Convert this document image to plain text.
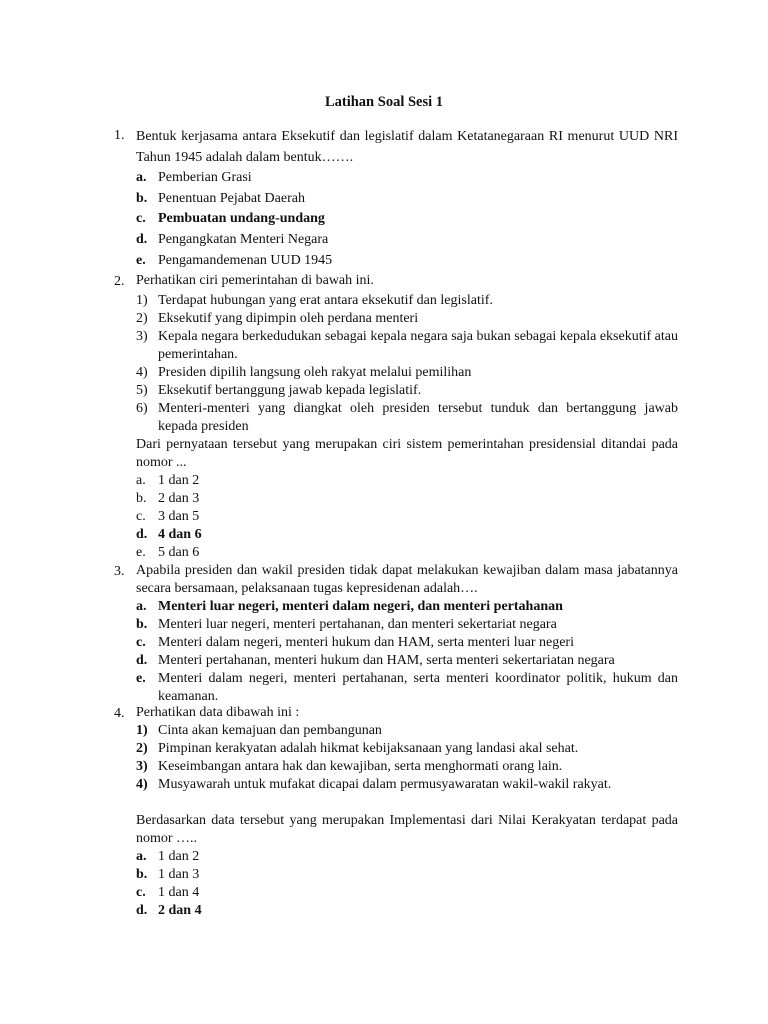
Latihan Soal Sesi 1
1. Bentuk kerjasama antara Eksekutif dan legislatif dalam Ketatanegaraan RI menurut UUD NRI Tahun 1945 adalah dalam bentuk…….
a. Pemberian Grasi
b. Penentuan Pejabat Daerah
c. Pembuatan undang-undang
d. Pengangkatan Menteri Negara
e. Pengamandemenan UUD 1945
2. Perhatikan ciri pemerintahan di bawah ini.
1) Terdapat hubungan yang erat antara eksekutif dan legislatif.
2) Eksekutif yang dipimpin oleh perdana menteri
3) Kepala negara berkedudukan sebagai kepala negara saja bukan sebagai kepala eksekutif atau pemerintahan.
4) Presiden dipilih langsung oleh rakyat melalui pemilihan
5) Eksekutif bertanggung jawab kepada legislatif.
6) Menteri-menteri yang diangkat oleh presiden tersebut tunduk dan bertanggung jawab kepada presiden
Dari pernyataan tersebut yang merupakan ciri sistem pemerintahan presidensial ditandai pada nomor ...
a. 1 dan 2
b. 2 dan 3
c. 3 dan 5
d. 4 dan 6
e. 5 dan 6
3. Apabila presiden dan wakil presiden tidak dapat melakukan kewajiban dalam masa jabatannya secara bersamaan, pelaksanaan tugas kepresidenan adalah….
a. Menteri luar negeri, menteri dalam negeri, dan menteri pertahanan
b. Menteri luar negeri, menteri pertahanan, dan menteri sekertariat negara
c. Menteri dalam negeri, menteri hukum dan HAM, serta menteri luar negeri
d. Menteri pertahanan, menteri hukum dan HAM, serta menteri sekertariatan negara
e. Menteri dalam negeri, menteri pertahanan, serta menteri koordinator politik, hukum dan keamanan.
4. Perhatikan data dibawah ini :
1) Cinta akan kemajuan dan pembangunan
2) Pimpinan kerakyatan adalah hikmat kebijaksanaan yang landasi akal sehat.
3) Keseimbangan antara hak dan kewajiban, serta menghormati orang lain.
4) Musyawarah untuk mufakat dicapai dalam permusyawaratan wakil-wakil rakyat.
Berdasarkan data tersebut yang merupakan Implementasi dari Nilai Kerakyatan terdapat pada nomor …..
a. 1 dan 2
b. 1 dan 3
c. 1 dan 4
d. 2 dan 4
